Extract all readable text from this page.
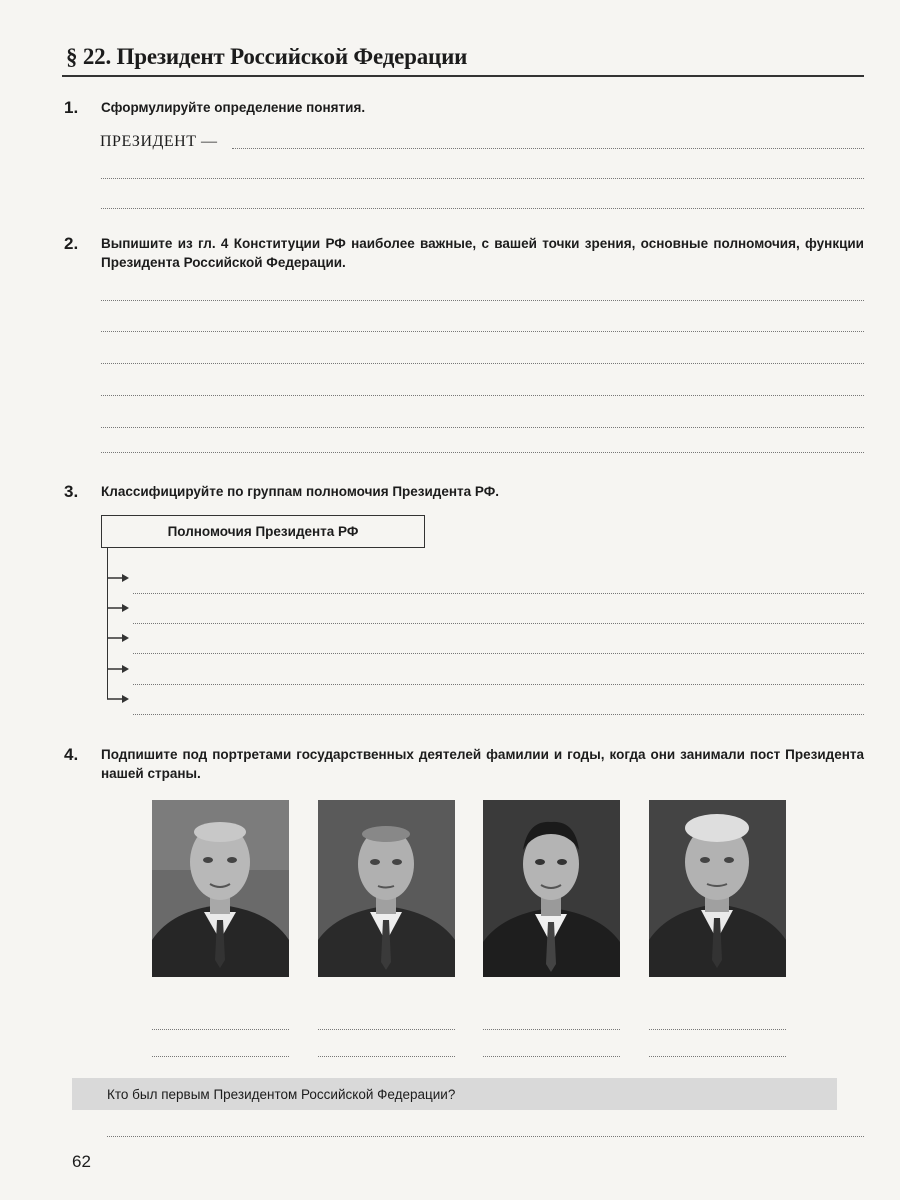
§ 22. Президент Российской Федерации
1. Сформулируйте определение понятия.
ПРЕЗИДЕНТ —
2. Выпишите из гл. 4 Конституции РФ наиболее важные, с вашей точки зрения, основные полномочия, функции Президента Российской Федерации.
3. Классифицируйте по группам полномочия Президента РФ.
Полномочия Президента РФ
4. Подпишите под портретами государственных деятелей фамилии и годы, когда они занимали пост Президента нашей страны.
Кто был первым Президентом Российской Федерации?
62
